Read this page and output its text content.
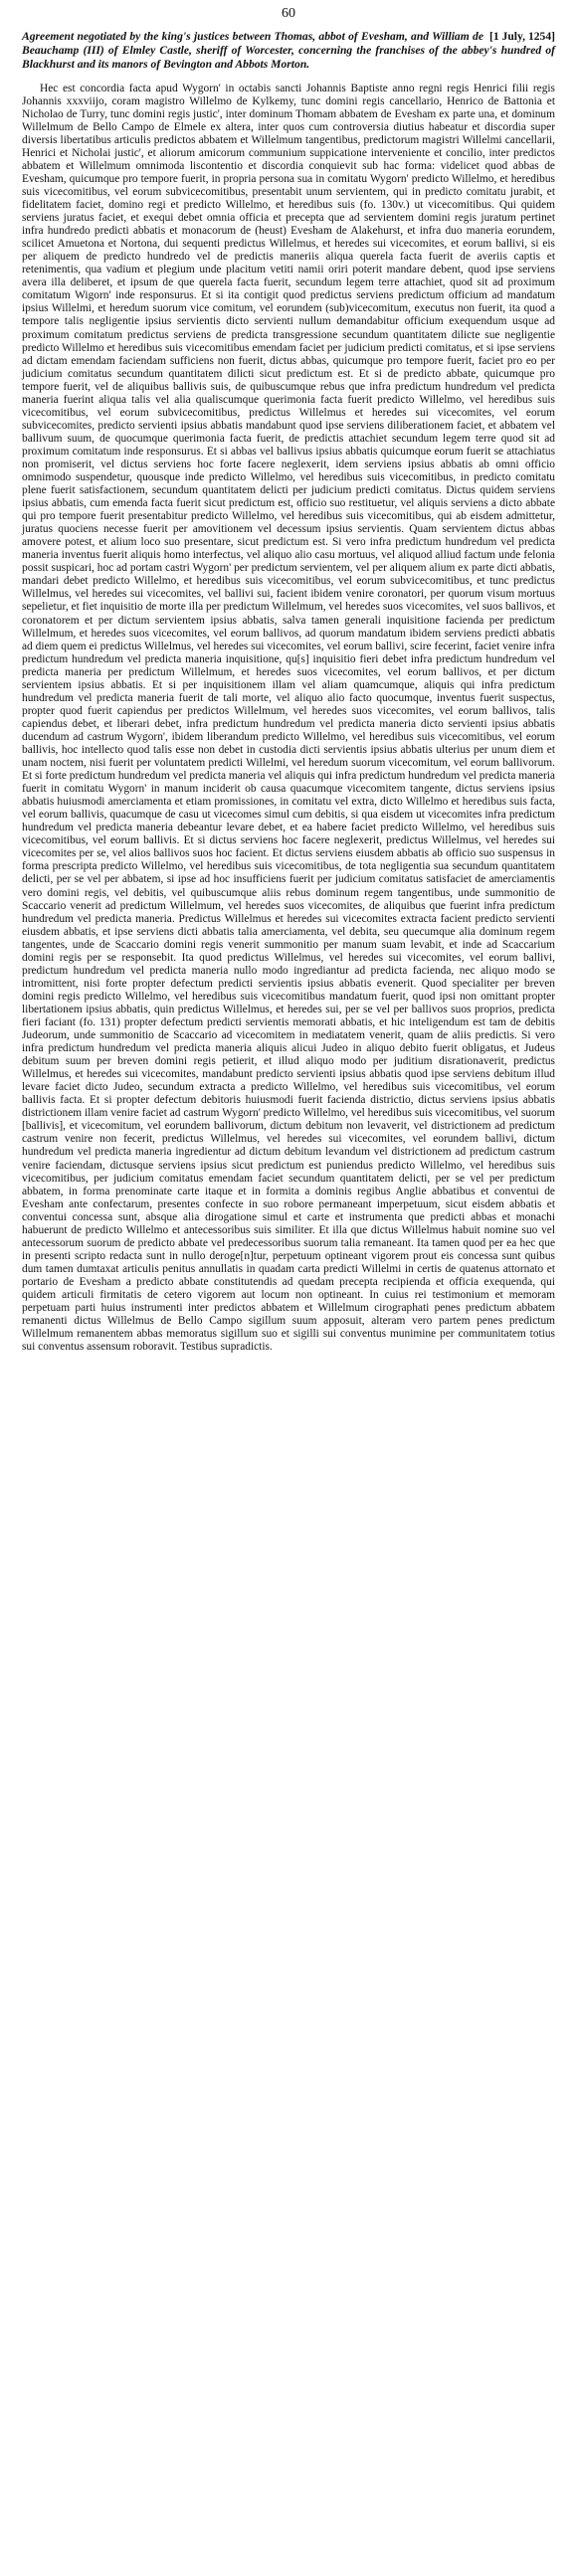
60
[1 July, 1254]
Agreement negotiated by the king's justices between Thomas, abbot of Evesham, and William de Beauchamp (III) of Elmley Castle, sheriff of Worcester, concerning the franchises of the abbey's hundred of Blackhurst and its manors of Bevington and Abbots Morton.

Hec est concordia facta apud Wygorn' in octabis sancti Johannis Baptiste anno regni regis Henrici filii regis Johannis xxxviijo, coram magistro Willelmo de Kylkemy, tunc domini regis cancellario, Henrico de Battonia et Nicholao de Turry, tunc domini regis justic', inter dominum Thomam abbatem de Evesham ex parte una, et dominum Willelmum de Bello Campo de Elmele ex altera, inter quos cum controversia diutius habeatur et discordia super diversis libertatibus articulis predictos abbatem et Willelmum tangentibus, predictorum magistri Willelmi cancellarii, Henrici et Nicholai justic', et aliorum amicorum communium suppicatione interveniente et concilio, inter predictos abbatem et Willelmum omnimoda liscontentio et discordia conquievit sub hac forma: videlicet quod abbas de Evesham, quicumque pro tempore fuerit, in propria persona sua in comitatu Wygorn' predicto Willelmo, et heredibus suis vicecomitibus, vel eorum subvicecomitibus, presentabit unum servientem, qui in predicto comitatu jurabit, et fidelitatem faciet, domino regi et predicto Willelmo, et heredibus suis (fo. 130v.) ut vicecomitibus. Qui quidem serviens juratus faciet, et exequi debet omnia officia et precepta que ad servientem domini regis juratum pertinet infra hundredo predicti abbatis et monacorum de (heust) Evesham de Alakehurst, et infra duo maneria eorundem, scilicet Amuetona et Nortona, dui sequenti predictus Willelmus, et heredes sui vicecomites, et eorum ballivi, si eis per aliquem de predicto hundredo vel de predictis maneriis aliqua querela facta fuerit de averiis captis et retenimentis, qua vadium et plegium unde placitum vetiti namii oriri poterit mandare debent, quod ipse serviens avera illa deliberet, et ipsum de que querela facta fuerit, secundum legem terre attachiet, quod sit ad proximum comitatum Wigorn' inde responsurus. Et si ita contigit quod predictus serviens predictum officium ad mandatum ipsius Willelmi, et heredum suorum vice comitum, vel eorundem (sub)vicecomitum, executus non fuerit, ita quod a tempore talis negligentie ipsius servientis dicto servienti nullum demandabitur officium exequendum usque ad proximum comitatum predictus serviens de predicta transgressione secundum quantitatem dilicte sue negligentie predicto Willelmo et heredibus suis vicecomitibus emendam faciet per judicium predicti comitatus, et si ipse serviens ad dictam emendam faciendam sufficiens non fuerit, dictus abbas, quicumque pro tempore fuerit, faciet pro eo per judicium comitatus secundum quantitatem dilicti sicut predictum est. Et si de predicto abbate, quicumque pro tempore fuerit, vel de aliquibus ballivis suis, de quibuscumque rebus que infra predictum hundredum vel predicta maneria fuerint aliqua talis vel alia qualiscumque querimonia facta fuerit predicto Willelmo, vel heredibus suis vicecomitibus, vel eorum subvicecomitibus, predictus Willelmus et heredes sui vicecomites, vel eorum subvicecomites, predicto servienti ipsius abbatis mandabunt quod ipse serviens diliberationem faciet, et abbatem vel ballivum suum, de quocumque querimonia facta fuerit, de predictis attachiet secundum legem terre quod sit ad proximum comitatum inde responsurus. Et si abbas vel ballivus ipsius abbatis quicumque eorum fuerit se attachiatus non promiserit, vel dictus serviens hoc forte facere neglexerit, idem serviens ipsius abbatis ab omni officio omnimodo suspendetur, quousque inde predicto Willelmo, vel heredibus suis vicecomitibus, in predicto comitatu plene fuerit satisfactionem, secundum quantitatem delicti per judicium predicti comitatus. Dictus quidem serviens ipsius abbatis, cum emenda facta fuerit sicut predictum est, officio suo restituetur, vel aliquis serviens a dicto abbate qui pro tempore fuerit presentabitur predicto Willelmo, vel heredibus suis vicecomitibus, qui ab eisdem admittetur, juratus quociens necesse fuerit per amovitionem vel decessum ipsius servientis. Quam servientem dictus abbas amovere potest, et alium loco suo presentare, sicut predictum est. Si vero infra predictum hundredum vel predicta maneria inventus fuerit aliquis homo interfectus, vel aliquo alio casu mortuus, vel aliquod alliud factum unde felonia possit suspicari, hoc ad portam castri Wygorn' per predictum servientem, vel per aliquem alium ex parte dicti abbatis, mandari debet predicto Willelmo, et heredibus suis vicecomitibus, vel eorum subvicecomitibus, et tunc predictus Willelmus, vel heredes sui vicecomites, vel ballivi sui, facient ibidem venire coronatori, per quorum visum mortuus sepelietur, et fiet inquisitio de morte illa per predictum Willelmum, vel heredes suos vicecomites, vel suos ballivos, et coronatorem et per dictum servientem ipsius abbatis, salva tamen generali inquisitione facienda per predictum Willelmum, et heredes suos vicecomites, vel eorum ballivos, ad quorum mandatum ibidem serviens predicti abbatis ad diem quem ei predictus Willelmus, vel heredes sui vicecomites, vel eorum ballivi, scire fecerint, faciet venire infra predictum hundredum vel predicta maneria inquisitione, qu[s] inquisitio fieri debet infra predictum hundredum vel predicta maneria per predictum Willelmum, et heredes suos vicecomites, vel eorum ballivos, et per dictum servientem ipsius abbatis. Et si per inquisitionem illam vel aliam quamcumque, aliquis qui infra predictum hundredum vel predicta maneria fuerit de tali morte, vel aliquo alio facto quocumque, inventus fuerit suspectus, propter quod fuerit capiendus per predictos Willelmum, vel heredes suos vicecomites, vel eorum ballivos, talis capiendus debet, et liberari debet, infra predictum hundredum vel predicta maneria dicto servienti ipsius abbatis ducendum ad castrum Wygorn', ibidem liberandum predicto Willelmo, vel heredibus suis vicecomitibus, vel eorum ballivis, hoc intellecto quod talis esse non debet in custodia dicti servientis ipsius abbatis ulterius per unum diem et unam noctem, nisi fuerit per voluntatem predicti Willelmi, vel heredum suorum vicecomitum, vel eorum ballivorum. Et si forte predictum hundredum vel predicta maneria vel aliquis qui infra predictum hundredum vel predicta maneria fuerit in comitatu Wygorn' in manum inciderit ob causa quacumque vicecomitem tangente, dictus serviens ipsius abbatis huiusmodi amerciamenta et etiam promissiones, in comitatu vel extra, dicto Willelmo et heredibus suis facta, vel eorum ballivis, quacumque de casu ut vicecomes simul cum debitis, si qua eisdem ut vicecomites infra predictum hundredum vel predicta maneria debeantur levare debet, et ea habere faciet predicto Willelmo, vel heredibus suis vicecomitibus, vel eorum ballivis. Et si dictus serviens hoc facere neglexerit, predictus Willelmus, vel heredes sui vicecomites per se, vel alios ballivos suos hoc facient. Et dictus serviens eiusdem abbatis ab officio suo suspensus in forma prescripta predicto Willelmo, vel heredibus suis vicecomitibus, de tota negligentia sua secundum quantitatem delicti, per se vel per abbatem, si ipse ad hoc insufficiens fuerit per judicium comitatus satisfaciet de amerciamentis vero domini regis, vel debitis, vel quibuscumque aliis rebus dominum regem tangentibus, unde summonitio de Scaccario venerit ad predictum Willelmum, vel heredes suos vicecomites, de aliquibus que fuerint infra predictum hundredum vel predicta maneria. Predictus Willelmus et heredes sui vicecomites extracta facient predicto servienti eiusdem abbatis, et ipse serviens dicti abbatis talia amerciamenta, vel debita, seu quecumque alia dominum regem tangentes, unde de Scaccario domini regis venerit summonitio per manum suam levabit, et inde ad Scaccarium domini regis per se responsebit. Ita quod predictus Willelmus, vel heredes sui vicecomites, vel eorum ballivi, predictum hundredum vel predicta maneria nullo modo ingrediantur ad predicta facienda, nec aliquo modo se intromittent, nisi forte propter defectum predicti servientis ipsius abbatis evenerit. Quod specialiter per breven domini regis predicto Willelmo, vel heredibus suis vicecomitibus mandatum fuerit, quod ipsi non omittant propter libertationem ipsius abbatis, quin predictus Willelmus, et heredes sui, per se vel per ballivos suos proprios, predicta fieri faciant (fo. 131) propter defectum predicti servientis memorati abbatis, et hic inteligendum est tam de debitis Judeorum, unde summonitio de Scaccario ad vicecomitem in mediatatem venerit, quam de aliis predictis. Si vero infra predictum hundredum vel predicta maneria aliquis alicui Judeo in aliquo debito fuerit obligatus, et Judeus debitum suum per breven domini regis petierit, et illud aliquo modo per juditium disrationaverit, predictus Willelmus, et heredes sui vicecomites, mandabunt predicto servienti ipsius abbatis quod ipse serviens debitum illud levare faciet dicto Judeo, secundum extracta a predicto Willelmo, vel heredibus suis vicecomitibus, vel eorum ballivis facta. Et si propter defectum debitoris huiusmodi fuerit facienda districtio, dictus serviens ipsius abbatis districtionem illam venire faciet ad castrum Wygorn' predicto Willelmo, vel heredibus suis vicecomitibus, vel suorum [ballivis], et vicecomitum, vel eorundem ballivorum, dictum debitum non levaverit, vel districtionem ad predictum castrum venire non fecerit, predictus Willelmus, vel heredes sui vicecomites, vel eorundem ballivi, dictum hundredum vel predicta maneria ingredientur ad dictum debitum levandum vel districtionem ad predictum castrum venire faciendam, dictusque serviens ipsius sicut predictum est puniendus predicto Willelmo, vel heredibus suis vicecomitibus, per judicium comitatus emendam faciet secundum quantitatem delicti, per se vel per predictum abbatem, in forma prenominate carte itaque et in formita a dominis regibus Anglie abbatibus et conventui de Evesham ante confectarum, presentes confecte in suo robore permaneant imperpetuum, sicut eisdem abbatis et conventui concessa sunt, absque alia dirogatione simul et carte et instrumenta que predicti abbas et monachi habuerunt de predicto Willelmo et antecessoribus suis similiter. Et illa que dictus Willelmus habuit nomine suo vel antecessorum suorum de predicto abbate vel predecessoribus suorum talia remaneant. Ita tamen quod per ea hec que in presenti scripto redacta sunt in nullo deroge[n]tur, perpetuum optineant vigorem prout eis concessa sunt quibus dum tamen dumtaxat articulis penitus annullatis in quadam carta predicti Willelmi in certis de quatenus attornato et portario de Evesham a predicto abbate constitutendis ad quedam precepta recipienda et officia exequenda, qui quidem articuli firmitatis de cetero vigorem aut locum non optineant. In cuius rei testimonium et memoram perpetuam parti huius instrumenti inter predictos abbatem et Willelmum cirographati penes predictum abbatem remanenti dictus Willelmus de Bello Campo sigillum suum apposuit, alteram vero partem penes predictum Willelmum remanentem abbas memoratus sigillum suo et sigilli sui conventus munimine per communitatem totius sui conventus assensum roboravit. Testibus supradictis.
